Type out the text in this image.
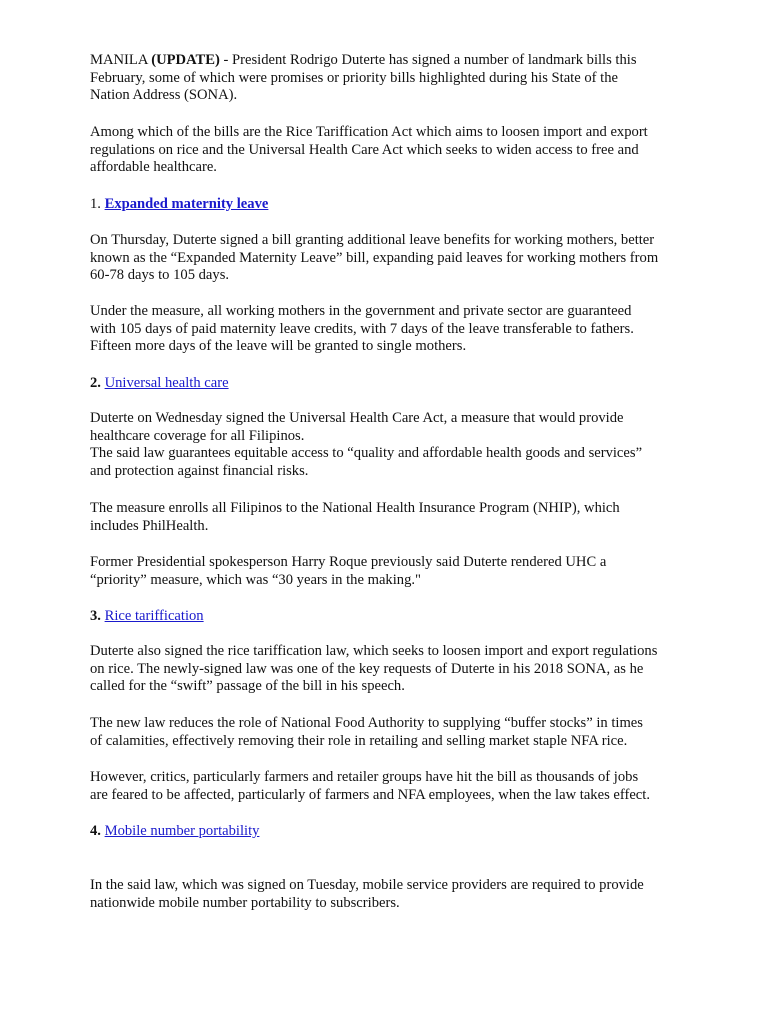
MANILA (UPDATE) - President Rodrigo Duterte has signed a number of landmark bills this
February, some of which were promises or priority bills highlighted during his State of the
Nation Address (SONA).

Among which of the bills are the Rice Tariffication Act which aims to loosen import and export
regulations on rice and the Universal Health Care Act which seeks to widen access to free and
affordable healthcare.

1. Expanded maternity leave

On Thursday, Duterte signed a bill granting additional leave benefits for working mothers, better
known as the “Expanded Maternity Leave” bill, expanding paid leaves for working mothers from
60-78 days to 105 days.

Under the measure, all working mothers in the government and private sector are guaranteed
with 105 days of paid maternity leave credits, with 7 days of the leave transferable to fathers.
Fifteen more days of the leave will be granted to single mothers.

2. Universal health care

Duterte on Wednesday signed the Universal Health Care Act, a measure that would provide
healthcare coverage for all Filipinos.
The said law guarantees equitable access to “quality and affordable health goods and services”
and protection against financial risks.

The measure enrolls all Filipinos to the National Health Insurance Program (NHIP), which
includes PhilHealth.

Former Presidential spokesperson Harry Roque previously said Duterte rendered UHC a
“priority” measure, which was “30 years in the making."

3. Rice tariffication

Duterte also signed the rice tariffication law, which seeks to loosen import and export regulations
on rice. The newly-signed law was one of the key requests of Duterte in his 2018 SONA, as he
called for the “swift” passage of the bill in his speech.

The new law reduces the role of National Food Authority to supplying “buffer stocks” in times
of calamities, effectively removing their role in retailing and selling market staple NFA rice.

However, critics, particularly farmers and retailer groups have hit the bill as thousands of jobs
are feared to be affected, particularly of farmers and NFA employees, when the law takes effect.

4. Mobile number portability

In the said law, which was signed on Tuesday, mobile service providers are required to provide
nationwide mobile number portability to subscribers.
